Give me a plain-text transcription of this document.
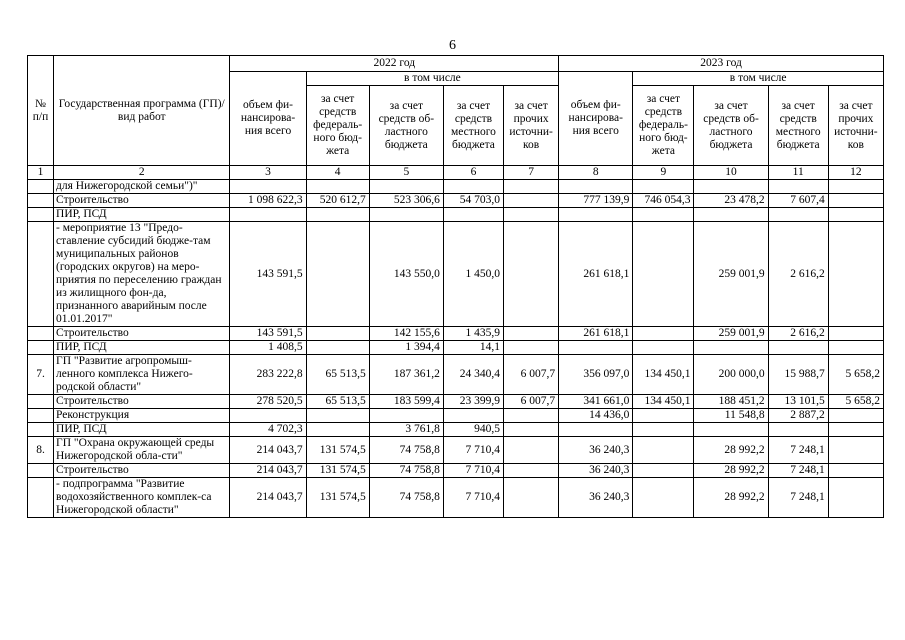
6
№ п/п	Государственная программа (ГП)/ вид работ	2022 год					2023 год				
		объем фи-нансирова-ния всего	в том числе				объем фи-нансирова-ния всего	в том числе			
			за счет средств федераль-ного бюд-жета	за счет средств об-ластного бюджета	за счет средств местного бюджета	за счет прочих источни-ков		за счет средств федераль-ного бюд-жета	за счет средств об-ластного бюджета	за счет средств местного бюджета	за счет прочих источни-ков
1	2	3	4	5	6	7	8	9	10	11	12
	для Нижегородской семьи")"										
	Строительство	1 098 622,3	520 612,7	523 306,6	54 703,0		777 139,9	746 054,3	23 478,2	7 607,4	
	ПИР, ПСД										
	- мероприятие 13 "Предо-ставление субсидий бюдже-там муниципальных районов (городских округов) на меро-приятия по переселению граждан из жилищного фон-да, признанного аварийным после 01.01.2017"	143 591,5		143 550,0	1 450,0		261 618,1		259 001,9	2 616,2	
	Строительство	143 591,5		142 155,6	1 435,9		261 618,1		259 001,9	2 616,2	
	ПИР, ПСД	1 408,5		1 394,4	14,1						
7.	ГП "Развитие агропромыш-ленного комплекса Нижего-родской области"	283 222,8	65 513,5	187 361,2	24 340,4	6 007,7	356 097,0	134 450,1	200 000,0	15 988,7	5 658,2
	Строительство	278 520,5	65 513,5	183 599,4	23 399,9	6 007,7	341 661,0	134 450,1	188 451,2	13 101,5	5 658,2
	Реконструкция						14 436,0		11 548,8	2 887,2	
	ПИР, ПСД	4 702,3		3 761,8	940,5						
8.	ГП "Охрана окружающей среды Нижегородской обла-сти"	214 043,7	131 574,5	74 758,8	7 710,4		36 240,3		28 992,2	7 248,1	
	Строительство	214 043,7	131 574,5	74 758,8	7 710,4		36 240,3		28 992,2	7 248,1	
	- подпрограмма "Развитие водохозяйственного комплек-са Нижегородской области"	214 043,7	131 574,5	74 758,8	7 710,4		36 240,3		28 992,2	7 248,1	
